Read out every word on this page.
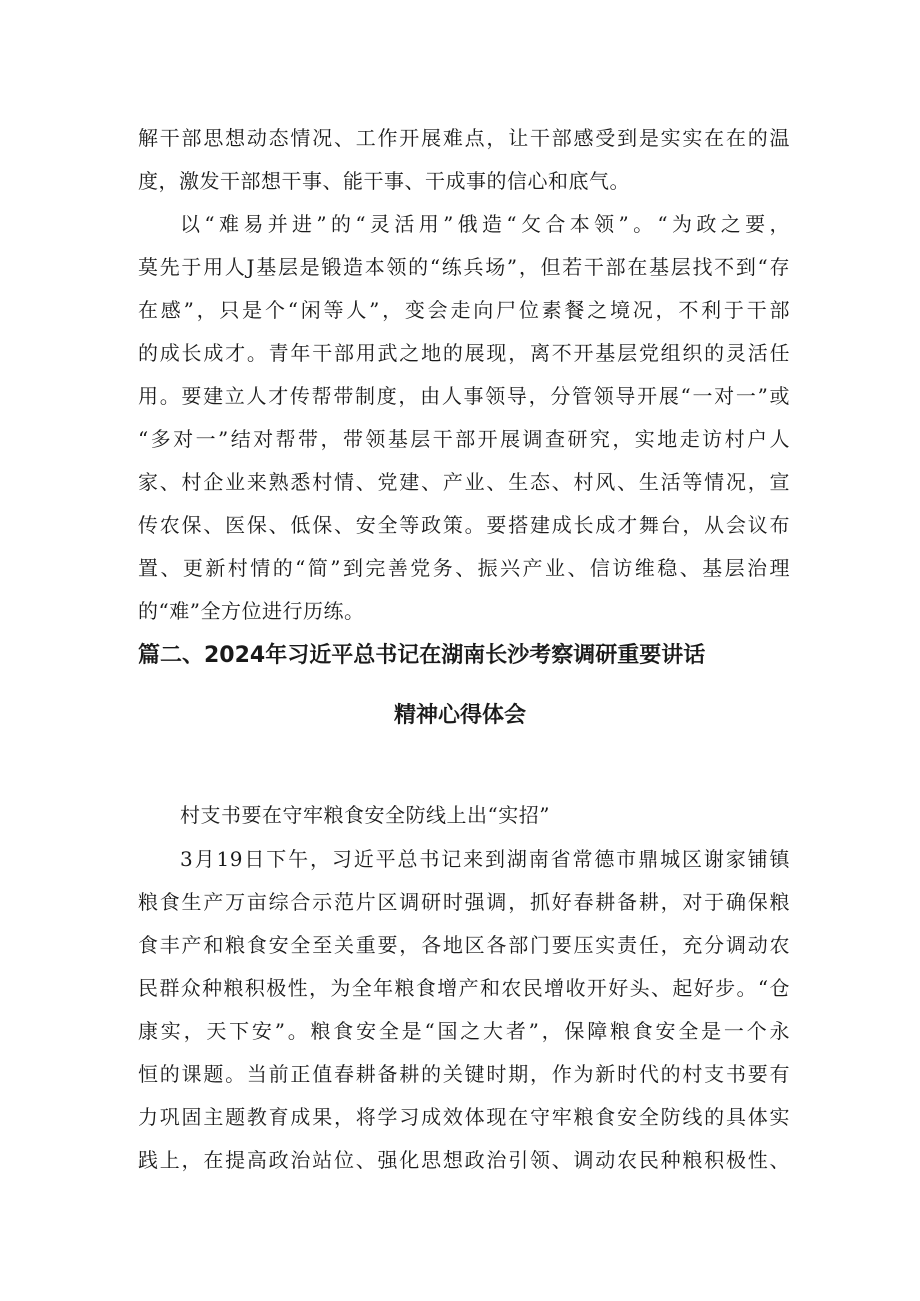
解干部思想动态情况、工作开展难点，让干部感受到是实实在在的温
度，激发干部想干事、能干事、干成事的信心和底气。
以“难易并进”的“灵活用”俄造“攵合本领”。“为政之要，
莫先于用人J基层是锻造本领的“练兵场”，但若干部在基层找不到“存
在感”，只是个“闲等人”，变会走向尸位素餐之境况，不利于干部
的成长成才。青年干部用武之地的展现，离不开基层党组织的灵活任
用。要建立人才传帮带制度，由人事领导，分管领导开展“一对一”或
“多对一”结对帮带，带领基层干部开展调查研究，实地走访村户人
家、村企业来熟悉村情、党建、产业、生态、村风、生活等情况，宣
传农保、医保、低保、安全等政策。要搭建成长成才舞台，从会议布
置、更新村情的“简”到完善党务、振兴产业、信访维稳、基层治理
的“难”全方位进行历练。
篇二、2024年习近平总书记在湖南长沙考察调研重要讲话
精神心得体会
村支书要在守牢粮食安全防线上出“实招”
3月19日下午，习近平总书记来到湖南省常德市鼎城区谢家铺镇
粮食生产万亩综合示范片区调研时强调，抓好春耕备耕，对于确保粮
食丰产和粮食安全至关重要，各地区各部门要压实责任，充分调动农
民群众种粮积极性，为全年粮食增产和农民增收开好头、起好步。“仓
康实，天下安”。粮食安全是“国之大者”，保障粮食安全是一个永
恒的课题。当前正值春耕备耕的关键时期，作为新时代的村支书要有
力巩固主题教育成果，将学习成效体现在守牢粮食安全防线的具体实
践上，在提高政治站位、强化思想政治引领、调动农民种粮积极性、
